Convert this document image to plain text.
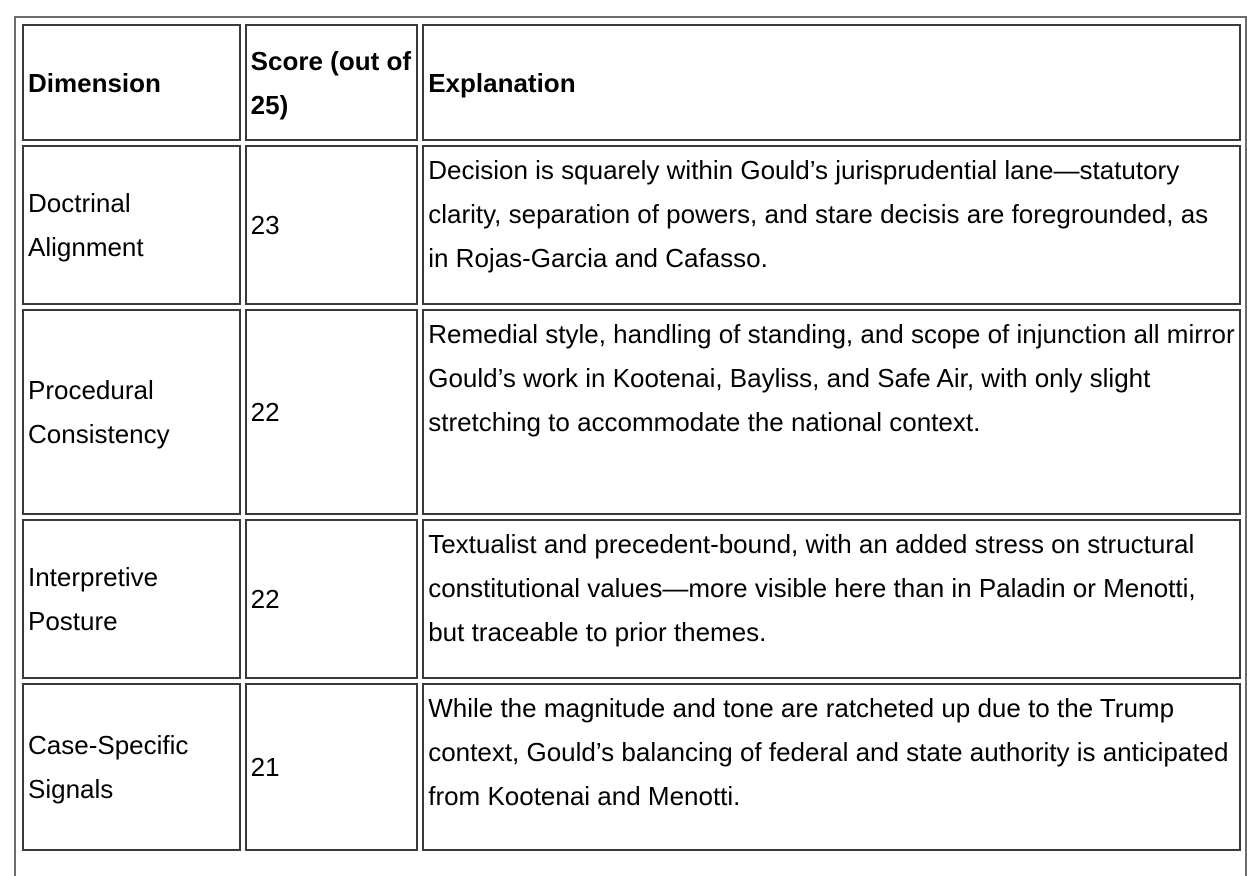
Dimension	Score (out of 25)	Explanation
Doctrinal Alignment	23	Decision is squarely within Gould’s jurisprudential lane—statutory clarity, separation of powers, and stare decisis are foregrounded, as in Rojas-Garcia and Cafasso.
Procedural Consistency	22	Remedial style, handling of standing, and scope of injunction all mirror Gould’s work in Kootenai, Bayliss, and Safe Air, with only slight stretching to accommodate the national context.
Interpretive Posture	22	Textualist and precedent-bound, with an added stress on structural constitutional values—more visible here than in Paladin or Menotti, but traceable to prior themes.
Case-Specific Signals	21	While the magnitude and tone are ratcheted up due to the Trump context, Gould’s balancing of federal and state authority is anticipated from Kootenai and Menotti.
